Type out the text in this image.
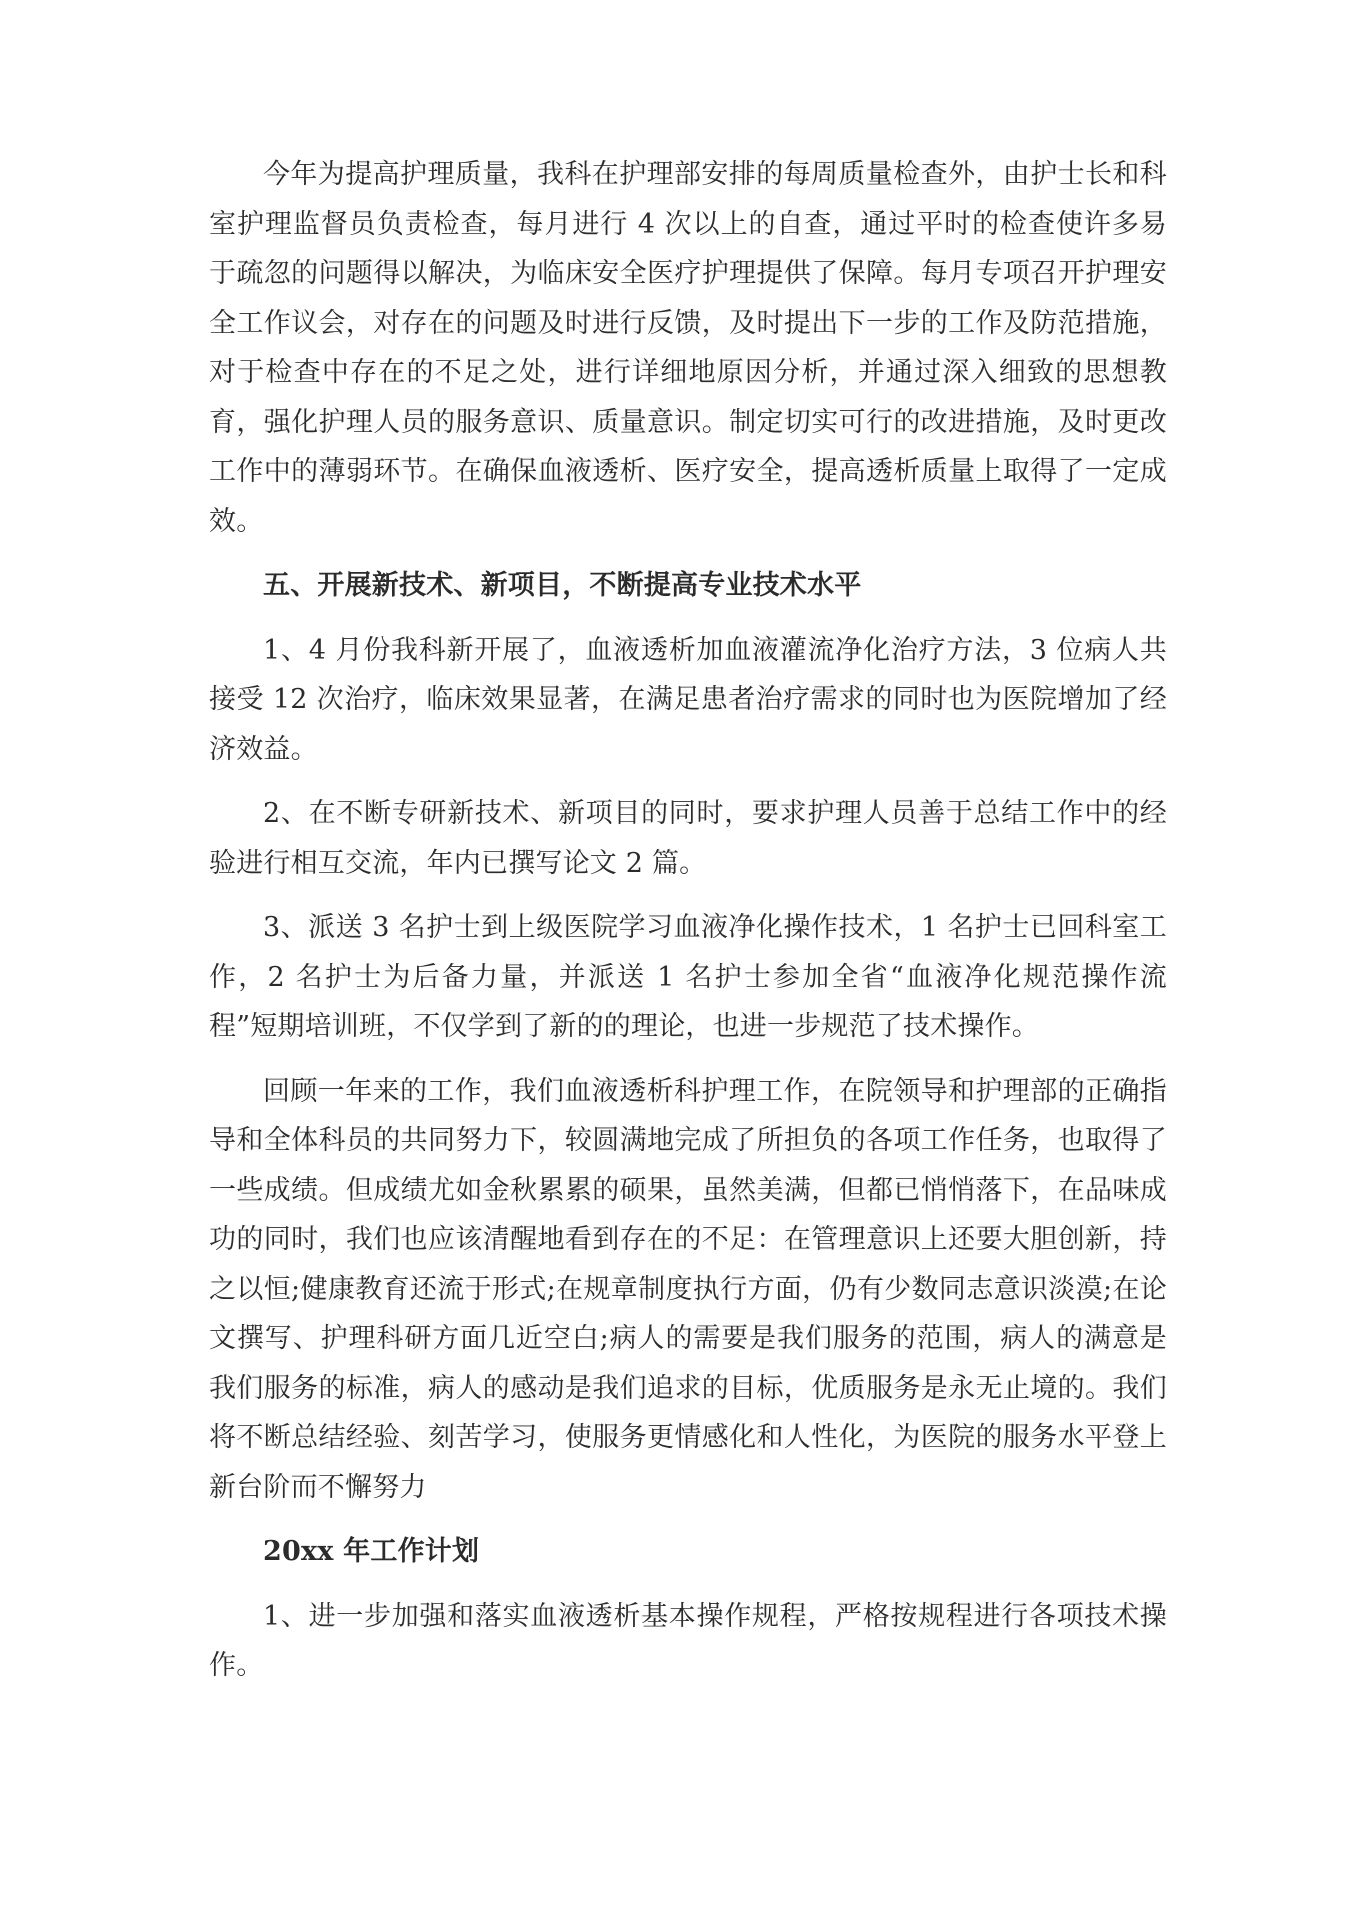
今年为提高护理质量，我科在护理部安排的每周质量检查外，由护士长和科室护理监督员负责检查，每月进行 4 次以上的自查，通过平时的检查使许多易于疏忽的问题得以解决，为临床安全医疗护理提供了保障。每月专项召开护理安全工作议会，对存在的问题及时进行反馈，及时提出下一步的工作及防范措施，对于检查中存在的不足之处，进行详细地原因分析，并通过深入细致的思想教育，强化护理人员的服务意识、质量意识。制定切实可行的改进措施，及时更改工作中的薄弱环节。在确保血液透析、医疗安全，提高透析质量上取得了一定成效。

五、开展新技术、新项目，不断提高专业技术水平

1、4 月份我科新开展了，血液透析加血液灌流净化治疗方法，3 位病人共接受 12 次治疗，临床效果显著，在满足患者治疗需求的同时也为医院增加了经济效益。

2、在不断专研新技术、新项目的同时，要求护理人员善于总结工作中的经验进行相互交流，年内已撰写论文 2 篇。

3、派送 3 名护士到上级医院学习血液净化操作技术，1 名护士已回科室工作，2 名护士为后备力量，并派送 1 名护士参加全省“血液净化规范操作流程”短期培训班，不仅学到了新的的理论，也进一步规范了技术操作。

回顾一年来的工作，我们血液透析科护理工作，在院领导和护理部的正确指导和全体科员的共同努力下，较圆满地完成了所担负的各项工作任务，也取得了一些成绩。但成绩尤如金秋累累的硕果，虽然美满，但都已悄悄落下，在品味成功的同时，我们也应该清醒地看到存在的不足：在管理意识上还要大胆创新，持之以恒;健康教育还流于形式;在规章制度执行方面，仍有少数同志意识淡漠;在论文撰写、护理科研方面几近空白;病人的需要是我们服务的范围，病人的满意是我们服务的标准，病人的感动是我们追求的目标，优质服务是永无止境的。我们将不断总结经验、刻苦学习，使服务更情感化和人性化，为医院的服务水平登上新台阶而不懈努力

20xx 年工作计划

1、进一步加强和落实血液透析基本操作规程，严格按规程进行各项技术操作。
